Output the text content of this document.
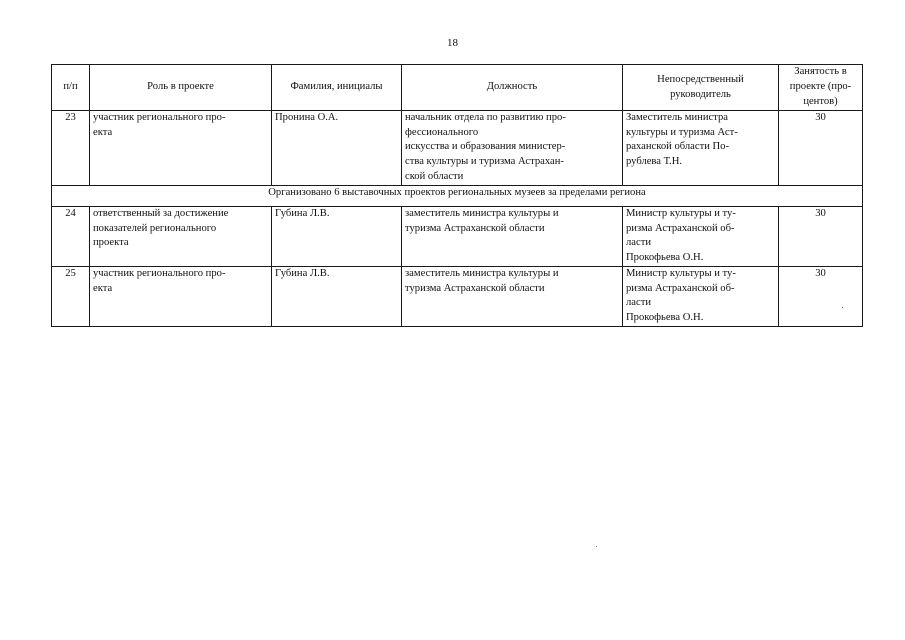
18
п/п	Роль в проекте	Фамилия, инициалы	Должность	Непосредственный
руководитель	Занятость в
проекте (про-
центов)

23	участник регионального про-
екта	Пронина О.А.	начальник отдела по развитию про-
фессионального
искусства и образования министер-
ства культуры и туризма Астрахан-
ской области	Заместитель министра
культуры и туризма Аст-
раханской области По-
рублева Т.Н.	30
Организовано 6 выставочных проектов региональных музеев за пределами региона					
24	ответственный за достижение
показателей регионального
проекта	Губина Л.В.	заместитель министра культуры и
туризма Астраханской области	Министр культуры и ту-
ризма Астраханской об-
ласти
Прокофьева О.Н.	30
25	участник регионального про-
екта	Губина Л.В.	заместитель министра культуры и
туризма Астраханской области	Министр культуры и ту-
ризма Астраханской об-
ласти
Прокофьева О.Н.	30
